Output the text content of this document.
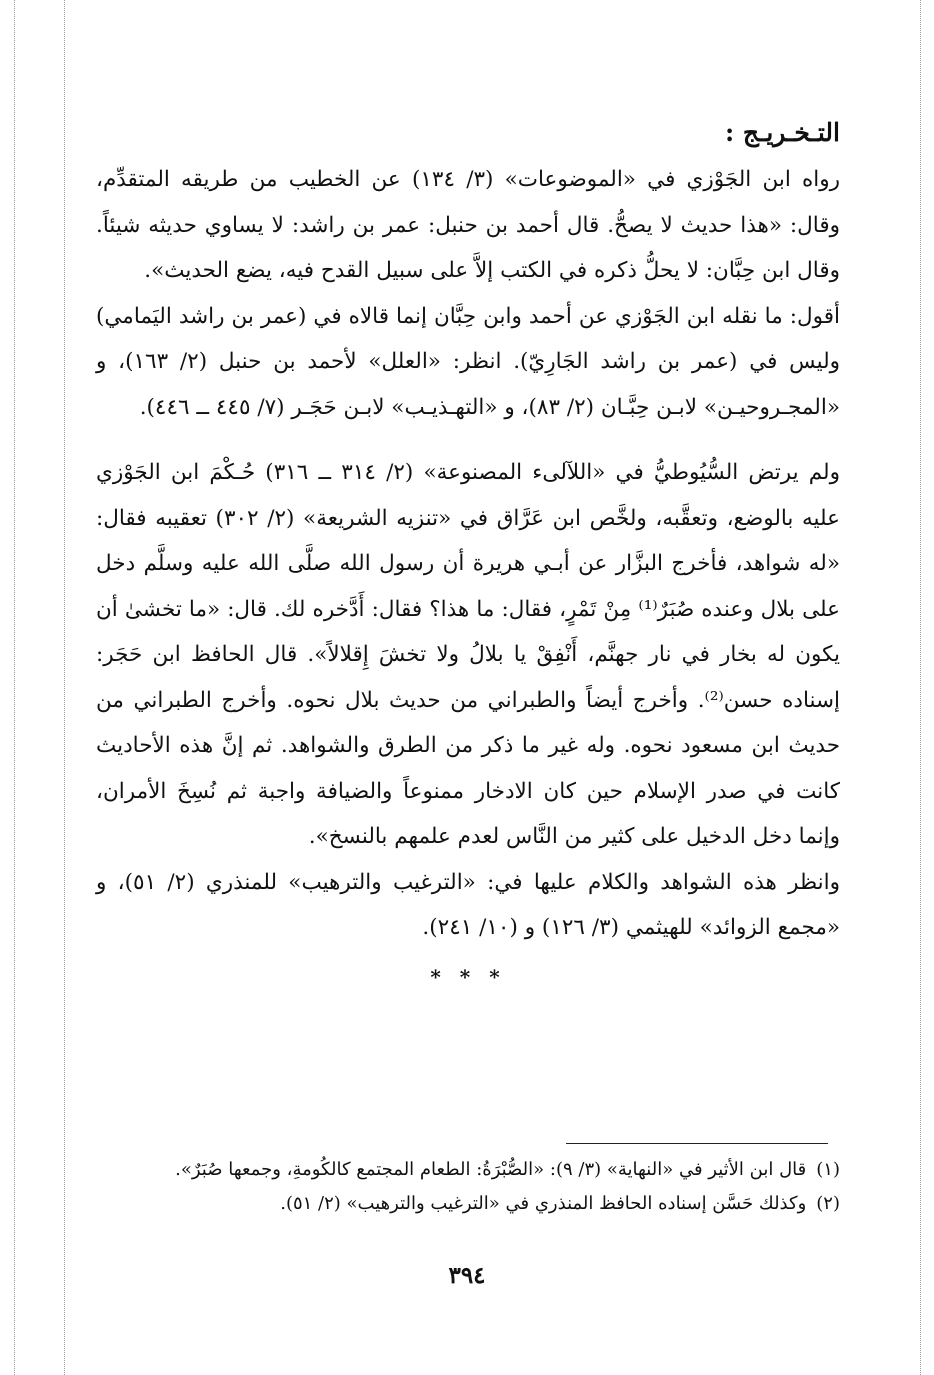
التـخـريـج :

رواه ابن الجَوْزي في «الموضوعات» (٣/ ١٣٤) عن الخطيب من طريقه المتقدِّم، وقال: «هذا حديث لا يصحُّ. قال أحمد بن حنبل: عمر بن راشد: لا يساوي حديثه شيئاً. وقال ابن حِبَّان: لا يحلُّ ذكره في الكتب إلاَّ على سبيل القدح فيه، يضع الحديث».

أقول: ما نقله ابن الجَوْزي عن أحمد وابن حِبَّان إنما قالاه في (عمر بن راشد اليَمامي) وليس في (عمر بن راشد الجَارِيّ). انظر: «العلل» لأحمد بن حنبل (٢/ ١٦٣)، و «المجـروحيـن» لابـن حِبَّـان (٢/ ٨٣)، و «التهـذيـب» لابـن حَجَـر (٧/ ٤٤٥ ــ ٤٤٦).

ولم يرتض السُّيُوطيُّ في «اللآلىء المصنوعة» (٢/ ٣١٤ ــ ٣١٦) حُـكْمَ ابن الجَوْزي عليه بالوضع، وتعقَّبه، ولخَّص ابن عَرَّاق في «تنزيه الشريعة» (٢/ ٣٠٢) تعقيبه فقال: «له شواهد، فأخرج البزَّار عن أبـي هريرة أن رسول الله صلَّى الله عليه وسلَّم دخل على بلال وعنده صُبَرٌ⁽¹⁾ مِنْ تَمْرٍ، فقال: ما هذا؟ فقال: أَدَّخره لك. قال: «ما تخشىٰ أن يكون له بخار في نار جهنَّم، أَنْفِقْ يا بلالُ ولا تخشَ إِقلالاً». قال الحافظ ابن حَجَر: إسناده حسن⁽²⁾. وأخرج أيضاً والطبراني من حديث بلال نحوه. وأخرج الطبراني من حديث ابن مسعود نحوه. وله غير ما ذكر من الطرق والشواهد. ثم إنَّ هذه الأحاديث كانت في صدر الإسلام حين كان الادخار ممنوعاً والضيافة واجبة ثم نُسِخَ الأمران، وإنما دخل الدخيل على كثير من النَّاس لعدم علمهم بالنسخ».

وانظر هذه الشواهد والكلام عليها في: «الترغيب والترهيب» للمنذري (٢/ ٥١)، و «مجمع الزوائد» للهيثمي (٣/ ١٢٦) و (١٠/ ٢٤١).

* * *

(١)قال ابن الأثير في «النهاية» (٣/ ٩): «الصُّبْرَةُ: الطعام المجتمع كالكُومةِ، وجمعها صُبَرٌ».

(٢)وكذلك حَسَّن إسناده الحافظ المنذري في «الترغيب والترهيب» (٢/ ٥١).

٣٩٤
